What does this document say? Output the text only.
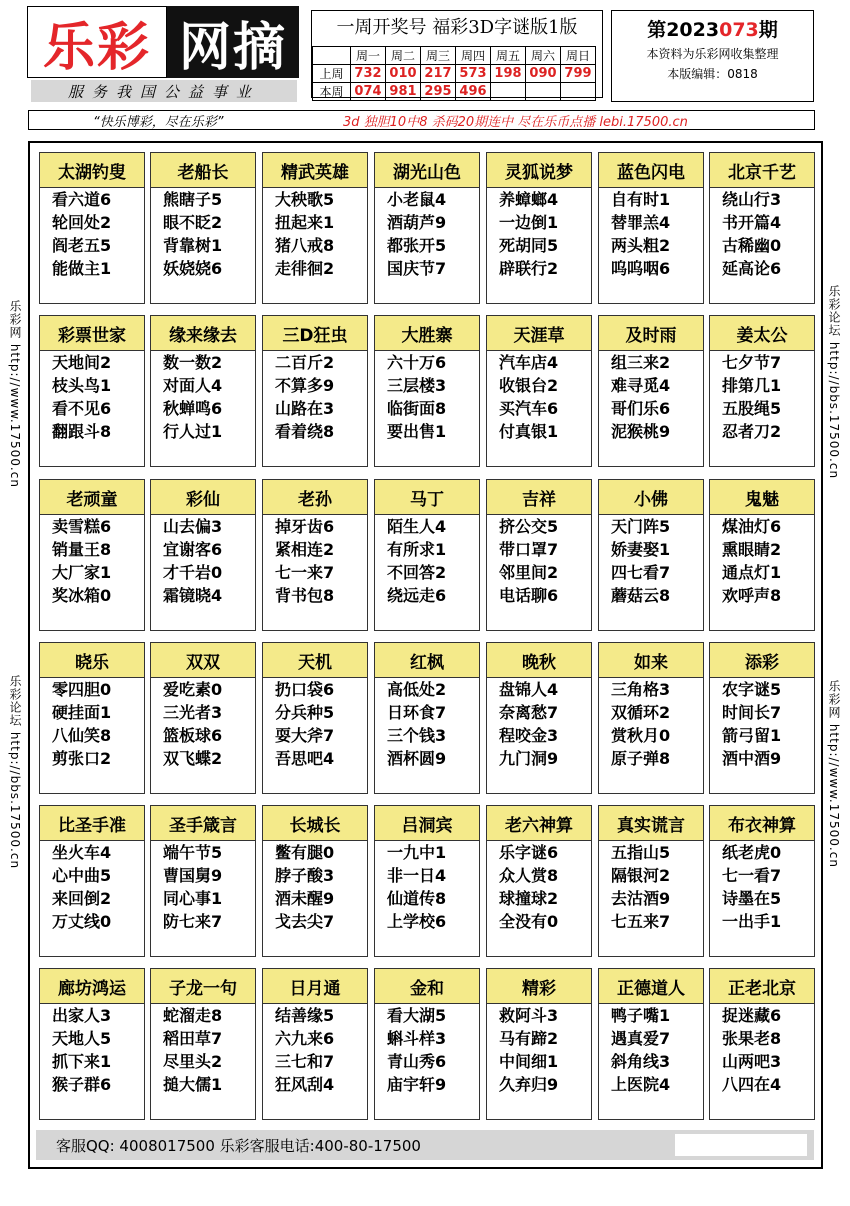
乐彩 网摘
服务我国公益事业
一周开奖号 福彩3D字谜版1版
	周一	周二	周三	周四	周五	周六	周日
上周	732	010	217	573	198	090	799
本周	074	981	295	496			
第2023073期
本资料为乐彩网收集整理
本版编辑：0818
“快乐博彩，尽在乐彩”	3d 独胆10中8 杀码20期连中 尽在乐币点播 lebi.17500.cn
乐彩网 http://www.17500.cn
乐彩论坛 http://bbs.17500.cn
乐彩论坛 http://bbs.17500.cn
乐彩网 http://www.17500.cn
太湖钓叟
看六道6
轮回处2
阎老五5
能做主1
老船长
熊瞎子5
眼不眨2
背靠树1
妖娆娆6
精武英雄
大秧歌5
扭起来1
猪八戒8
走徘徊2
湖光山色
小老鼠4
酒葫芦9
都张开5
国庆节7
灵狐说梦
养蟑螂4
一边倒1
死胡同5
辟联行2
蓝色闪电
自有时1
替罪羔4
两头粗2
呜呜咽6
北京千艺
绕山行3
书开篇4
古稀幽0
延高论6
彩票世家
天地间2
枝头鸟1
看不见6
翻跟斗8
缘来缘去
数一数2
对面人4
秋蝉鸣6
行人过1
三D狂虫
二百斤2
不算多9
山路在3
看着绕8
大胜寨
六十万6
三层楼3
临街面8
要出售1
天涯草
汽车店4
收银台2
买汽车6
付真银1
及时雨
组三来2
难寻觅4
哥们乐6
泥猴桃9
姜太公
七夕节7
排第几1
五股绳5
忍者刀2
老顽童
卖雪糕6
销量王8
大厂家1
奖冰箱0
彩仙
山去偏3
宜谢客6
才千岩0
霜镜晓4
老孙
掉牙齿6
紧相连2
七一来7
背书包8
马丁
陌生人4
有所求1
不回答2
绕远走6
吉祥
挤公交5
带口罩7
邻里间2
电话聊6
小佛
天门阵5
娇妻娶1
四七看7
蘑菇云8
鬼魅
煤油灯6
熏眼睛2
通点灯1
欢呼声8
晓乐
零四胆0
硬挂面1
八仙笑8
剪张口2
双双
爱吃素0
三光者3
篮板球6
双飞蝶2
天机
扔口袋6
分兵种5
耍大斧7
吾思吧4
红枫
高低处2
日环食7
三个钱3
酒杯圆9
晚秋
盘锦人4
奈离愁7
程咬金3
九门洞9
如来
三角格3
双循环2
赏秋月0
原子弹8
添彩
农字谜5
时间长7
箭弓留1
酒中酒9
比圣手准
坐火车4
心中曲5
来回倒2
万丈线0
圣手箴言
端午节5
曹国舅9
同心事1
防七来7
长城长
鳖有腿0
脖子酸3
酒未醒9
戈去尖7
吕洞宾
一九中1
非一日4
仙道传8
上学校6
老六神算
乐字谜6
众人赏8
球撞球2
全没有0
真实谎言
五指山5
隔银河2
去沽酒9
七五来7
布衣神算
纸老虎0
七一看7
诗墨在5
一出手1
廊坊鸿运
出家人3
天地人5
抓下来1
猴子群6
子龙一句
蛇溜走8
稻田草7
尽里头2
搥大儒1
日月通
结善缘5
六九来6
三七和7
狂风刮4
金和
看大湖5
蝌斗样3
青山秀6
庙宇轩9
精彩
救阿斗3
马有蹄2
中间细1
久弃归9
正德道人
鸭子嘴1
遇真爱7
斜角线3
上医院4
正老北京
捉迷藏6
张果老8
山两吧3
八四在4
客服QQ: 4008017500 乐彩客服电话:400-80-17500
